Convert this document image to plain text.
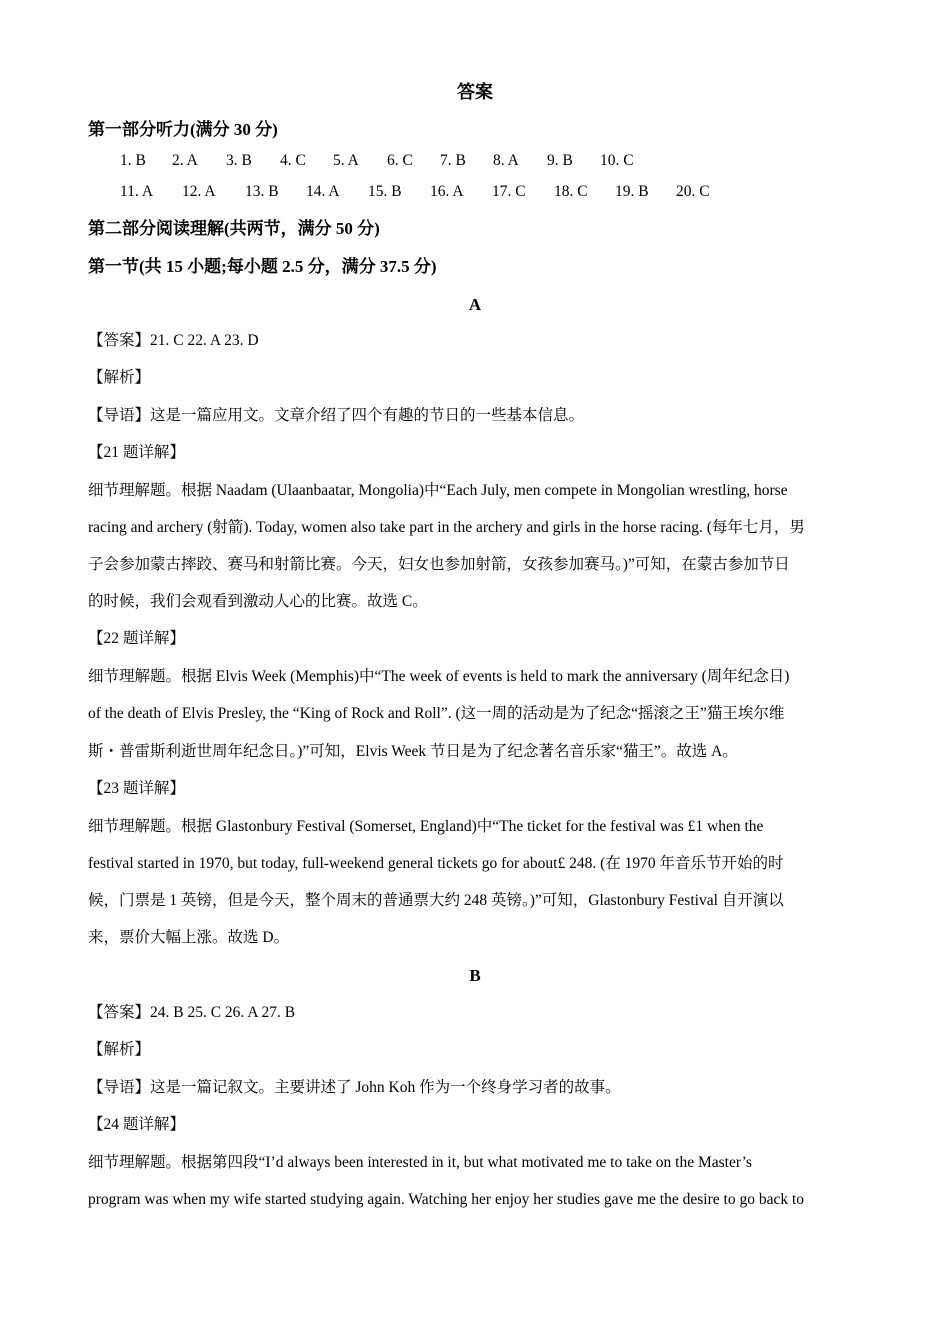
答案
第一部分听力(满分 30 分)
1. B 2. A 3. B 4. C 5. A 6. C 7. B 8. A 9. B 10. C
11. A 12. A 13. B 14. A 15. B 16. A 17. C 18. C 19. B 20. C
第二部分阅读理解(共两节，满分 50 分)
第一节(共 15 小题;每小题 2.5 分，满分 37.5 分)
A
【答案】21. C 22. A 23. D
【解析】
【导语】这是一篇应用文。文章介绍了四个有趣的节日的一些基本信息。
【21 题详解】
细节理解题。根据 Naadam (Ulaanbaatar, Mongolia)中“Each July, men compete in Mongolian wrestling, horse
racing and archery (射箭). Today, women also take part in the archery and girls in the horse racing. (每年七月，男
子会参加蒙古摔跤、赛马和射箭比赛。今天，妇女也参加射箭，女孩参加赛马。)”可知，在蒙古参加节日
的时候，我们会观看到激动人心的比赛。故选 C。
【22 题详解】
细节理解题。根据 Elvis Week (Memphis)中“The week of events is held to mark the anniversary (周年纪念日)
of the death of Elvis Presley, the “King of Rock and Roll”. (这一周的活动是为了纪念“摇滚之王”猫王埃尔维
斯・普雷斯利逝世周年纪念日。)”可知，Elvis Week 节日是为了纪念著名音乐家“猫王”。故选 A。
【23 题详解】
细节理解题。根据 Glastonbury Festival (Somerset, England)中“The ticket for the festival was £1 when the
festival started in 1970, but today, full-weekend general tickets go for about£ 248. (在 1970 年音乐节开始的时
候，门票是 1 英镑，但是今天，整个周末的普通票大约 248 英镑。)”可知，Glastonbury Festival 自开演以
来，票价大幅上涨。故选 D。
B
【答案】24. B 25. C 26. A 27. B
【解析】
【导语】这是一篇记叙文。主要讲述了 John Koh 作为一个终身学习者的故事。
【24 题详解】
细节理解题。根据第四段“I’d always been interested in it, but what motivated me to take on the Master’s
program was when my wife started studying again. Watching her enjoy her studies gave me the desire to go back to
